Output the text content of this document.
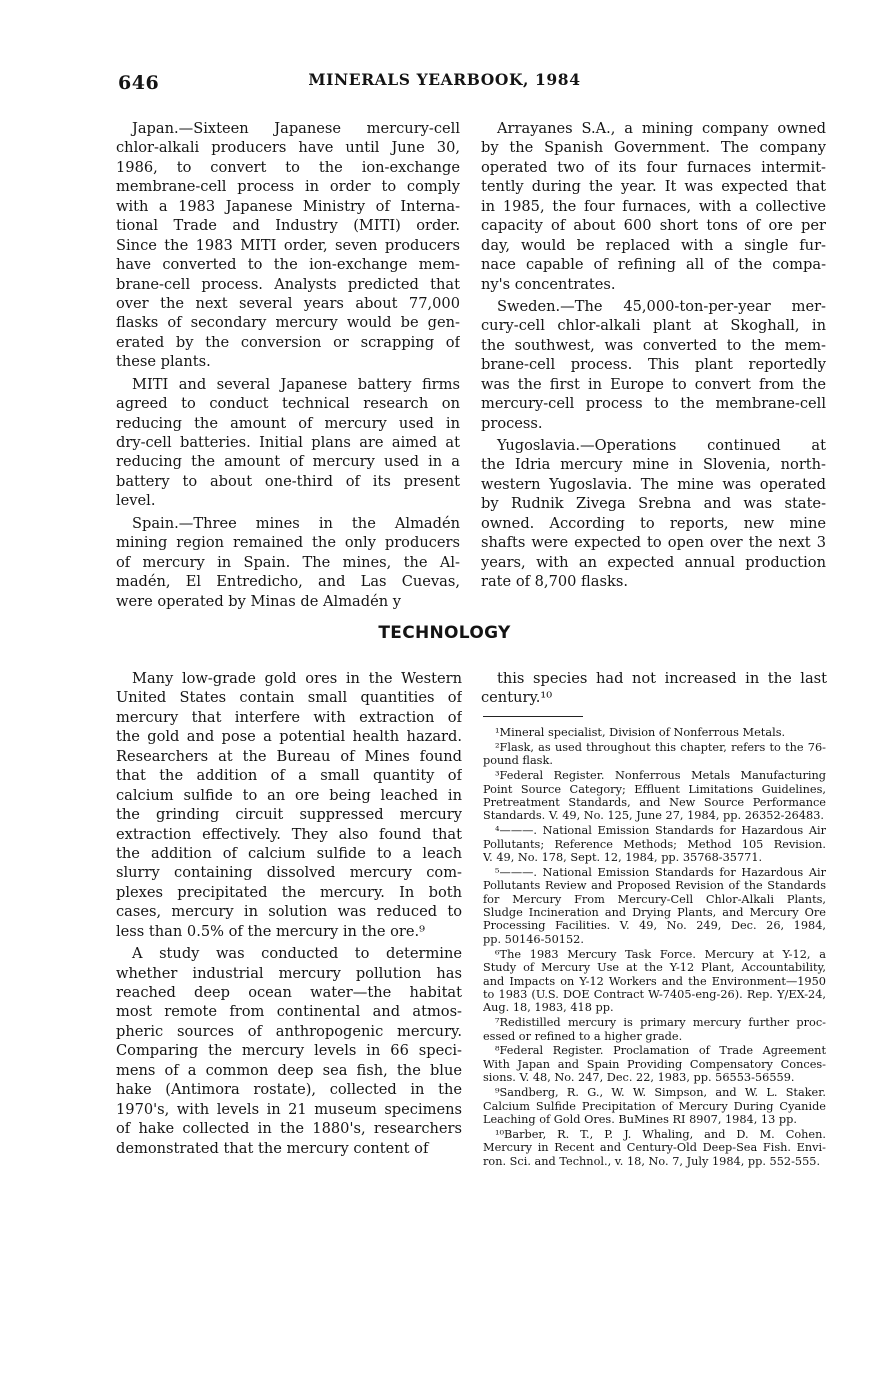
646	MINERALS YEARBOOK, 1984
Japan.—Sixteen Japanese mercury-cell
chlor-alkali producers have until June 30,
1986, to convert to the ion-exchange
membrane-cell process in order to comply
with a 1983 Japanese Ministry of Interna-
tional Trade and Industry (MITI) order.
Since the 1983 MITI order, seven producers
have converted to the ion-exchange mem-
brane-cell process. Analysts predicted that
over the next several years about 77,000
flasks of secondary mercury would be gen-
erated by the conversion or scrapping of
these plants.
MITI and several Japanese battery firms
agreed to conduct technical research on
reducing the amount of mercury used in
dry-cell batteries. Initial plans are aimed at
reducing the amount of mercury used in a
battery to about one-third of its present
level.
Spain.—Three mines in the Almadén
mining region remained the only producers
of mercury in Spain. The mines, the Al-
madén, El Entredicho, and Las Cuevas,
were operated by Minas de Almadén y
Arrayanes S.A., a mining company owned
by the Spanish Government. The company
operated two of its four furnaces intermit-
tently during the year. It was expected that
in 1985, the four furnaces, with a collective
capacity of about 600 short tons of ore per
day, would be replaced with a single fur-
nace capable of refining all of the compa-
ny's concentrates.
Sweden.—The 45,000-ton-per-year mer-
cury-cell chlor-alkali plant at Skoghall, in
the southwest, was converted to the mem-
brane-cell process. This plant reportedly
was the first in Europe to convert from the
mercury-cell process to the membrane-cell
process.
Yugoslavia.—Operations continued at
the Idria mercury mine in Slovenia, north-
western Yugoslavia. The mine was operated
by Rudnik Zivega Srebna and was state-
owned. According to reports, new mine
shafts were expected to open over the next 3
years, with an expected annual production
rate of 8,700 flasks.
TECHNOLOGY
Many low-grade gold ores in the Western
United States contain small quantities of
mercury that interfere with extraction of
the gold and pose a potential health hazard.
Researchers at the Bureau of Mines found
that the addition of a small quantity of
calcium sulfide to an ore being leached in
the grinding circuit suppressed mercury
extraction effectively. They also found that
the addition of calcium sulfide to a leach
slurry containing dissolved mercury com-
plexes precipitated the mercury. In both
cases, mercury in solution was reduced to
less than 0.5% of the mercury in the ore.⁹
A study was conducted to determine
whether industrial mercury pollution has
reached deep ocean water—the habitat
most remote from continental and atmos-
pheric sources of anthropogenic mercury.
Comparing the mercury levels in 66 speci-
mens of a common deep sea fish, the blue
hake (Antimora rostate), collected in the
1970's, with levels in 21 museum specimens
of hake collected in the 1880's, researchers
demonstrated that the mercury content of
this species had not increased in the last
century.¹⁰
¹Mineral specialist, Division of Nonferrous Metals.
²Flask, as used throughout this chapter, refers to the 76-
pound flask.
³Federal Register. Nonferrous Metals Manufacturing
Point Source Category; Effluent Limitations Guidelines,
Pretreatment Standards, and New Source Performance
Standards. V. 49, No. 125, June 27, 1984, pp. 26352-26483.
⁴———. National Emission Standards for Hazardous Air
Pollutants; Reference Methods; Method 105 Revision.
V. 49, No. 178, Sept. 12, 1984, pp. 35768-35771.
⁵———. National Emission Standards for Hazardous Air
Pollutants Review and Proposed Revision of the Standards
for Mercury From Mercury-Cell Chlor-Alkali Plants,
Sludge Incineration and Drying Plants, and Mercury Ore
Processing Facilities. V. 49, No. 249, Dec. 26, 1984,
pp. 50146-50152.
⁶The 1983 Mercury Task Force. Mercury at Y-12, a
Study of Mercury Use at the Y-12 Plant, Accountability,
and Impacts on Y-12 Workers and the Environment—1950
to 1983 (U.S. DOE Contract W-7405-eng-26). Rep. Y/EX-24,
Aug. 18, 1983, 418 pp.
⁷Redistilled mercury is primary mercury further proc-
essed or refined to a higher grade.
⁸Federal Register. Proclamation of Trade Agreement
With Japan and Spain Providing Compensatory Conces-
sions. V. 48, No. 247, Dec. 22, 1983, pp. 56553-56559.
⁹Sandberg, R. G., W. W. Simpson, and W. L. Staker.
Calcium Sulfide Precipitation of Mercury During Cyanide
Leaching of Gold Ores. BuMines RI 8907, 1984, 13 pp.
¹⁰Barber, R. T., P. J. Whaling, and D. M. Cohen.
Mercury in Recent and Century-Old Deep-Sea Fish. Envi-
ron. Sci. and Technol., v. 18, No. 7, July 1984, pp. 552-555.
